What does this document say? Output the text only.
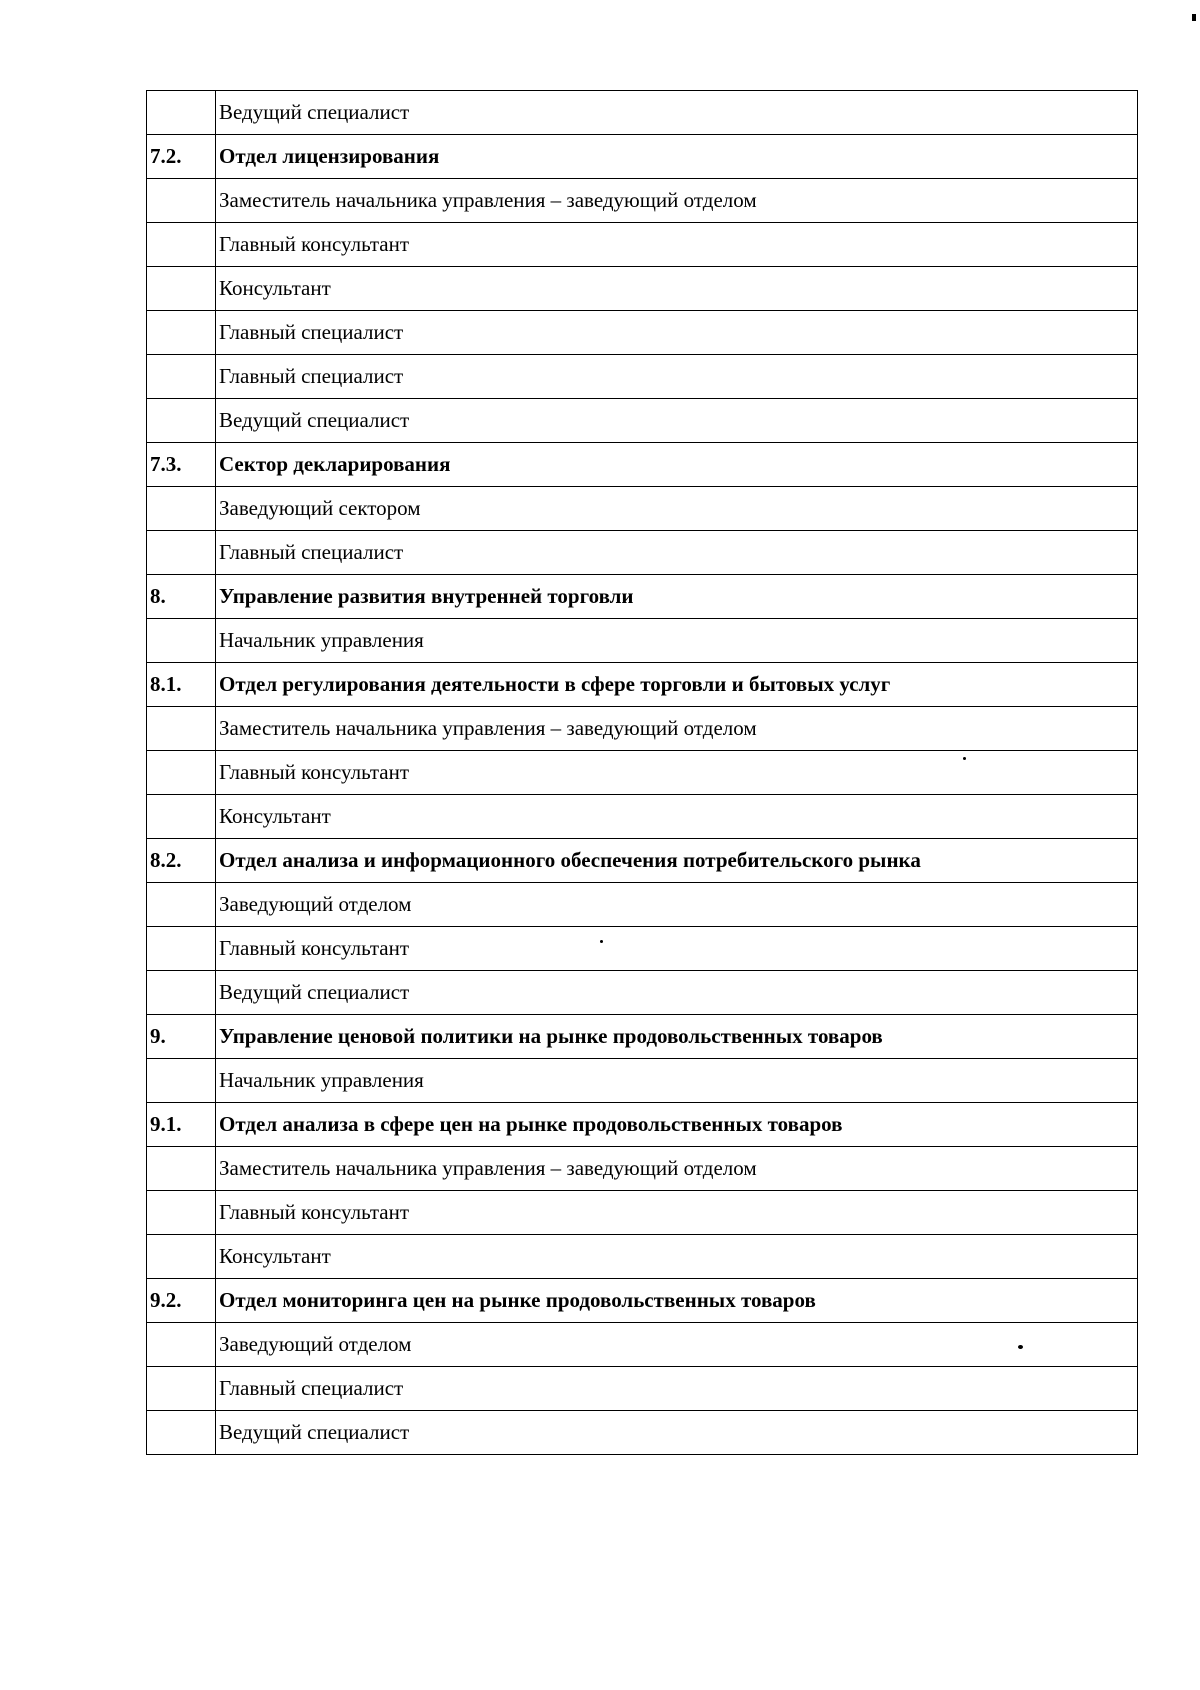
	Ведущий специалист
7.2.	Отдел лицензирования
	Заместитель начальника управления – заведующий отделом
	Главный консультант
	Консультант
	Главный специалист
	Главный специалист
	Ведущий специалист
7.3.	Сектор декларирования
	Заведующий сектором
	Главный специалист
8.	Управление развития внутренней торговли
	Начальник управления
8.1.	Отдел регулирования деятельности в сфере торговли и бытовых услуг
	Заместитель начальника управления – заведующий отделом
	Главный консультант
	Консультант
8.2.	Отдел анализа и информационного обеспечения потребительского рынка
	Заведующий отделом
	Главный консультант
	Ведущий специалист
9.	Управление ценовой политики на рынке продовольственных товаров
	Начальник управления
9.1.	Отдел анализа в сфере цен на рынке продовольственных товаров
	Заместитель начальника управления – заведующий отделом
	Главный консультант
	Консультант
9.2.	Отдел мониторинга цен на рынке продовольственных товаров
	Заведующий отделом
	Главный специалист
	Ведущий специалист
